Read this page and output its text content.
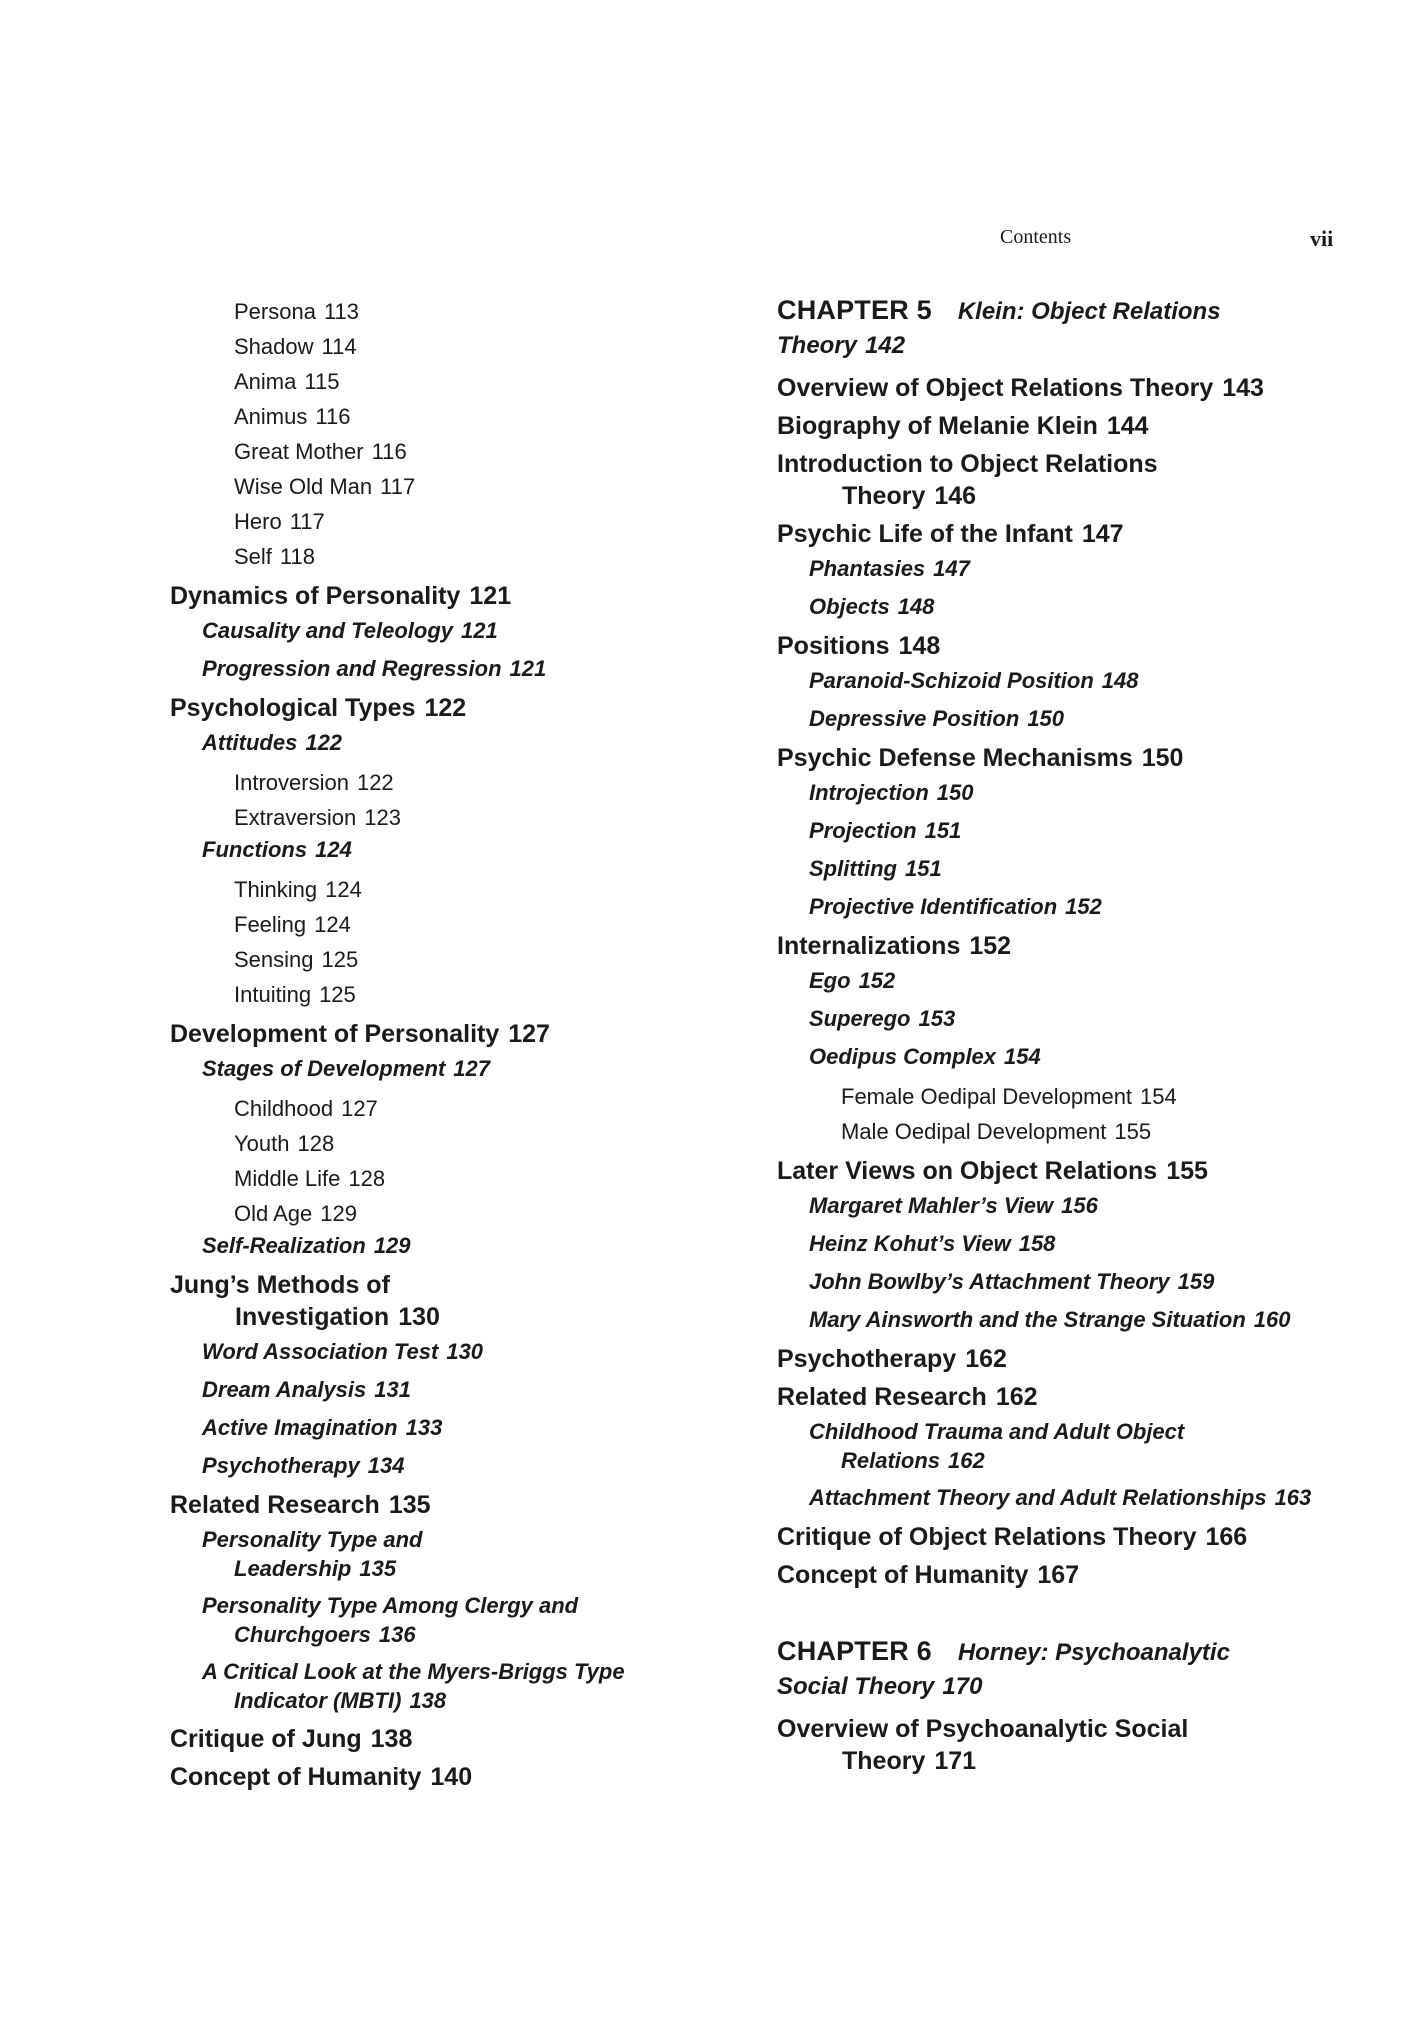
Contents	vii
Persona 113
Shadow 114
Anima 115
Animus 116
Great Mother 116
Wise Old Man 117
Hero 117
Self 118
Dynamics of Personality 121
Causality and Teleology 121
Progression and Regression 121
Psychological Types 122
Attitudes 122
Introversion 122
Extraversion 123
Functions 124
Thinking 124
Feeling 124
Sensing 125
Intuiting 125
Development of Personality 127
Stages of Development 127
Childhood 127
Youth 128
Middle Life 128
Old Age 129
Self-Realization 129
Jung’s Methods of
Investigation 130
Word Association Test 130
Dream Analysis 131
Active Imagination 133
Psychotherapy 134
Related Research 135
Personality Type and
Leadership 135
Personality Type Among Clergy and
Churchgoers 136
A Critical Look at the Myers-Briggs Type
Indicator (MBTI) 138
Critique of Jung 138
Concept of Humanity 140
CHAPTER 5 Klein: Object Relations
Theory 142
Overview of Object Relations Theory 143
Biography of Melanie Klein 144
Introduction to Object Relations
Theory 146
Psychic Life of the Infant 147
Phantasies 147
Objects 148
Positions 148
Paranoid-Schizoid Position 148
Depressive Position 150
Psychic Defense Mechanisms 150
Introjection 150
Projection 151
Splitting 151
Projective Identification 152
Internalizations 152
Ego 152
Superego 153
Oedipus Complex 154
Female Oedipal Development 154
Male Oedipal Development 155
Later Views on Object Relations 155
Margaret Mahler’s View 156
Heinz Kohut’s View 158
John Bowlby’s Attachment Theory 159
Mary Ainsworth and the Strange Situation 160
Psychotherapy 162
Related Research 162
Childhood Trauma and Adult Object
Relations 162
Attachment Theory and Adult Relationships 163
Critique of Object Relations Theory 166
Concept of Humanity 167
CHAPTER 6 Horney: Psychoanalytic
Social Theory 170
Overview of Psychoanalytic Social
Theory 171
